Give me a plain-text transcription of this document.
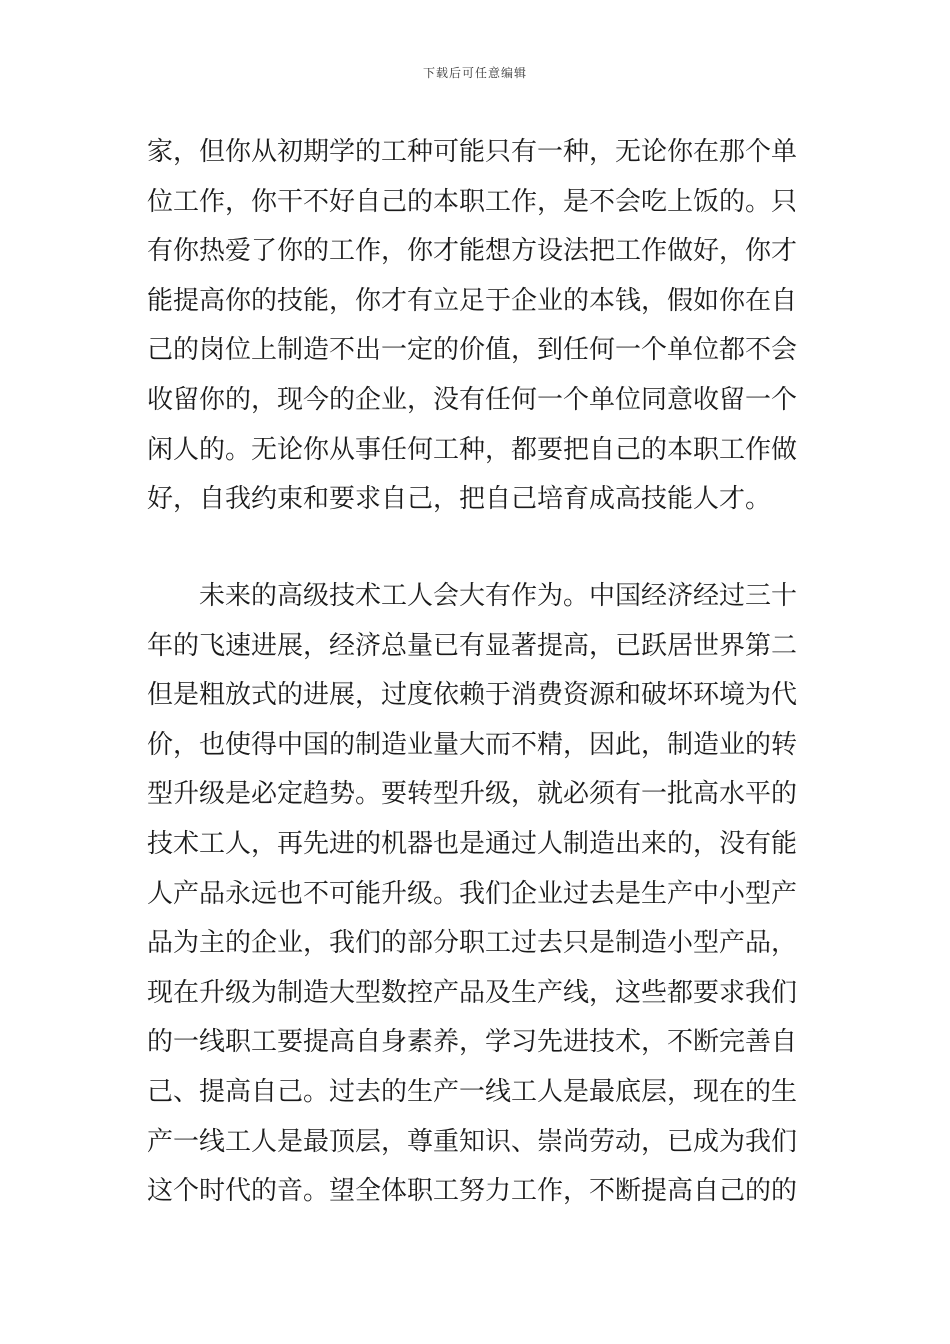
下载后可任意编辑
家，但你从初期学的工种可能只有一种，无论你在那个单
位工作，你干不好自己的本职工作，是不会吃上饭的。只
有你热爱了你的工作，你才能想方设法把工作做好，你才
能提高你的技能，你才有立足于企业的本钱，假如你在自
己的岗位上制造不出一定的价值，到任何一个单位都不会
收留你的，现今的企业，没有任何一个单位同意收留一个
闲人的。无论你从事任何工种，都要把自己的本职工作做
好，自我约束和要求自己，把自己培育成高技能人才。
未来的高级技术工人会大有作为。中国经济经过三十
年的飞速进展，经济总量已有显著提高，已跃居世界第二
但是粗放式的进展，过度依赖于消费资源和破坏环境为代
价，也使得中国的制造业量大而不精，因此，制造业的转
型升级是必定趋势。要转型升级，就必须有一批高水平的
技术工人，再先进的机器也是通过人制造出来的，没有能
人产品永远也不可能升级。我们企业过去是生产中小型产
品为主的企业，我们的部分职工过去只是制造小型产品，
现在升级为制造大型数控产品及生产线，这些都要求我们
的一线职工要提高自身素养，学习先进技术，不断完善自
己、提高自己。过去的生产一线工人是最底层，现在的生
产一线工人是最顶层，尊重知识、崇尚劳动，已成为我们
这个时代的音。望全体职工努力工作，不断提高自己的的
